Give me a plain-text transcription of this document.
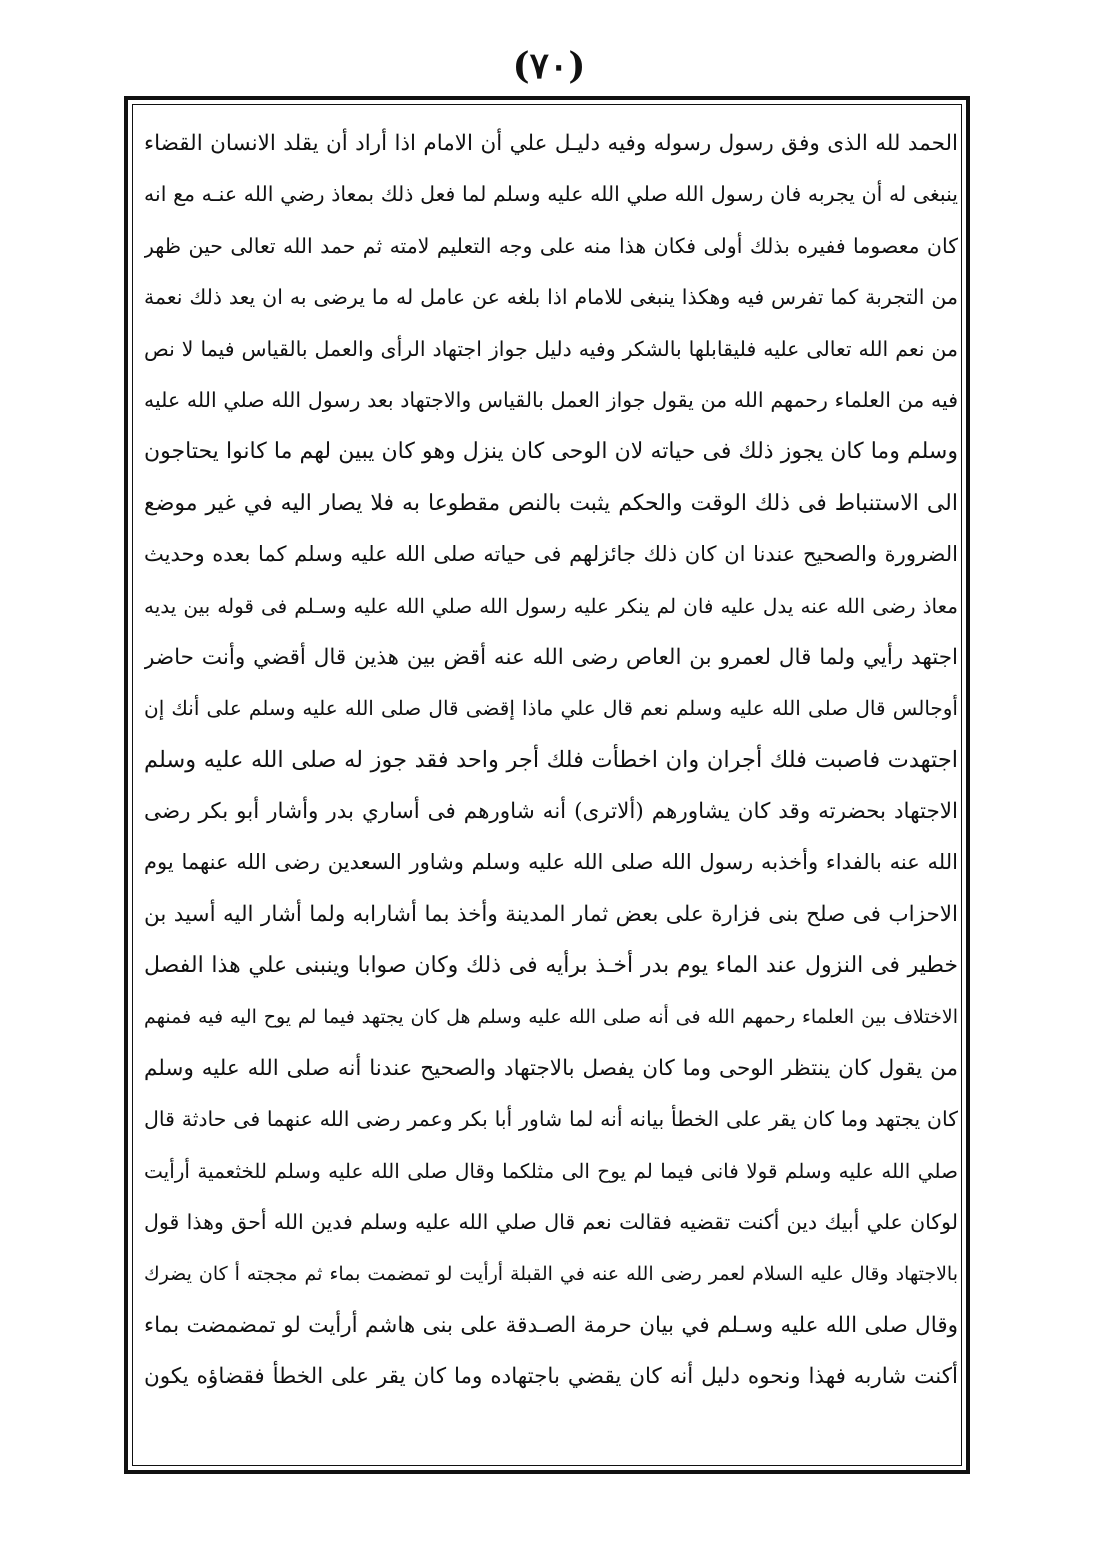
(٧٠)
الحمد لله الذى وفق رسول رسوله وفيه دليـل علي أن الامام اذا أراد أن يقلد الانسان القضاء
ينبغى له أن يجربه فان رسول الله صلي الله عليه وسلم لما فعل ذلك بمعاذ رضي الله عنـه مع انه
كان معصوما ففيره بذلك أولى فكان هذا منه على وجه التعليم لامته ثم حمد الله تعالى حين ظهر
من التجربة كما تفرس فيه وهكذا ينبغى للامام اذا بلغه عن عامل له ما يرضى به ان يعد ذلك نعمة
من نعم الله تعالى عليه فليقابلها بالشكر وفيه دليل جواز اجتهاد الرأى والعمل بالقياس فيما لا نص
فيه من العلماء رحمهم الله من يقول جواز العمل بالقياس والاجتهاد بعد رسول الله صلي الله عليه
وسلم وما كان يجوز ذلك فى حياته لان الوحى كان ينزل وهو كان يبين لهم ما كانوا يحتاجون
الى الاستنباط فى ذلك الوقت والحكم يثبت بالنص مقطوعا به فلا يصار اليه في غير موضع
الضرورة والصحيح عندنا ان كان ذلك جائزلهم فى حياته صلى الله عليه وسلم كما بعده وحديث
معاذ رضى الله عنه يدل عليه فان لم ينكر عليه رسول الله صلي الله عليه وسـلم فى قوله بين يديه
اجتهد رأيي ولما قال لعمرو بن العاص رضى الله عنه أقض بين هذين قال أقضي وأنت حاضر
أوجالس قال صلى الله عليه وسلم نعم قال علي ماذا إقضى قال صلى الله عليه وسلم على أنك إن
اجتهدت فاصبت فلك أجران وان اخطأت فلك أجر واحد فقد جوز له صلى الله عليه وسلم
الاجتهاد بحضرته وقد كان يشاورهم (ألاترى) أنه شاورهم فى أساري بدر وأشار أبو بكر رضى
الله عنه بالفداء وأخذبه رسول الله صلى الله عليه وسلم وشاور السعدين رضى الله عنهما يوم
الاحزاب فى صلح بنى فزارة على بعض ثمار المدينة وأخذ بما أشارابه ولما أشار اليه أسيد بن
خطير فى النزول عند الماء يوم بدر أخـذ برأيه فى ذلك وكان صوابا وينبنى علي هذا الفصل
الاختلاف بين العلماء رحمهم الله فى أنه صلى الله عليه وسلم هل كان يجتهد فيما لم يوح اليه فيه فمنهم
من يقول كان ينتظر الوحى وما كان يفصل بالاجتهاد والصحيح عندنا أنه صلى الله عليه وسلم
كان يجتهد وما كان يقر على الخطأ بيانه أنه لما شاور أبا بكر وعمر رضى الله عنهما فى حادثة قال
صلي الله عليه وسلم قولا فانى فيما لم يوح الى مثلكما وقال صلى الله عليه وسلم للخثعمية أرأيت
لوكان علي أبيك دين أكنت تقضيه فقالت نعم قال صلي الله عليه وسلم فدين الله أحق وهذا قول
بالاجتهاد وقال عليه السلام لعمر رضى الله عنه في القبلة أرأيت لو تمضمت بماء ثم مججته أ كان يضرك
وقال صلى الله عليه وسـلم في بيان حرمة الصـدقة على بنى هاشم أرأيت لو تمضمضت بماء
أكنت شاربه فهذا ونحوه دليل أنه كان يقضي باجتهاده وما كان يقر على الخطأ فقضاؤه يكون
